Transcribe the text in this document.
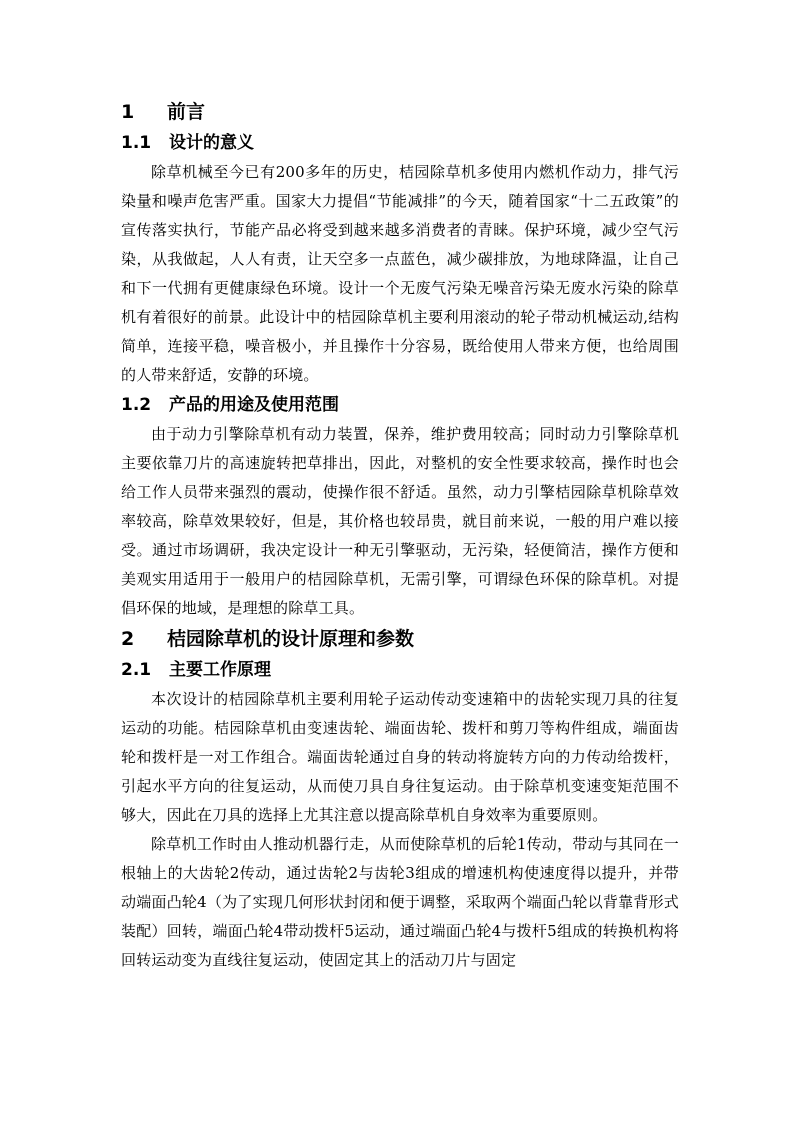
1 前言
1.1 设计的意义

除草机械至今已有200多年的历史，桔园除草机多使用内燃机作动力，排气污染量和噪声危害严重。国家大力提倡“节能减排”的今天，随着国家“十二五政策”的宣传落实执行，节能产品必将受到越来越多消费者的青睐。保护环境，减少空气污染，从我做起，人人有责，让天空多一点蓝色，减少碳排放，为地球降温，让自己和下一代拥有更健康绿色环境。设计一个无废气污染无噪音污染无废水污染的除草机有着很好的前景。此设计中的桔园除草机主要利用滚动的轮子带动机械运动,结构简单，连接平稳，噪音极小，并且操作十分容易，既给使用人带来方便，也给周围的人带来舒适，安静的环境。

1.2 产品的用途及使用范围

由于动力引擎除草机有动力装置，保养，维护费用较高；同时动力引擎除草机主要依靠刀片的高速旋转把草排出，因此，对整机的安全性要求较高，操作时也会给工作人员带来强烈的震动，使操作很不舒适。虽然，动力引擎桔园除草机除草效率较高，除草效果较好，但是，其价格也较昂贵，就目前来说，一般的用户难以接受。通过市场调研，我决定设计一种无引擎驱动，无污染，轻便简洁，操作方便和美观实用适用于一般用户的桔园除草机，无需引擎，可谓绿色环保的除草机。对提倡环保的地域，是理想的除草工具。

2 桔园除草机的设计原理和参数
2.1 主要工作原理

本次设计的桔园除草机主要利用轮子运动传动变速箱中的齿轮实现刀具的往复运动的功能。桔园除草机由变速齿轮、端面齿轮、拨杆和剪刀等构件组成，端面齿轮和拨杆是一对工作组合。端面齿轮通过自身的转动将旋转方向的力传动给拨杆，引起水平方向的往复运动，从而使刀具自身往复运动。由于除草机变速变矩范围不够大，因此在刀具的选择上尤其注意以提高除草机自身效率为重要原则。

除草机工作时由人推动机器行走，从而使除草机的后轮1传动，带动与其同在一根轴上的大齿轮2传动，通过齿轮2与齿轮3组成的增速机构使速度得以提升，并带动端面凸轮4（为了实现几何形状封闭和便于调整，采取两个端面凸轮以背靠背形式装配）回转，端面凸轮4带动拨杆5运动，通过端面凸轮4与拨杆5组成的转换机构将回转运动变为直线往复运动，使固定其上的活动刀片与固定
